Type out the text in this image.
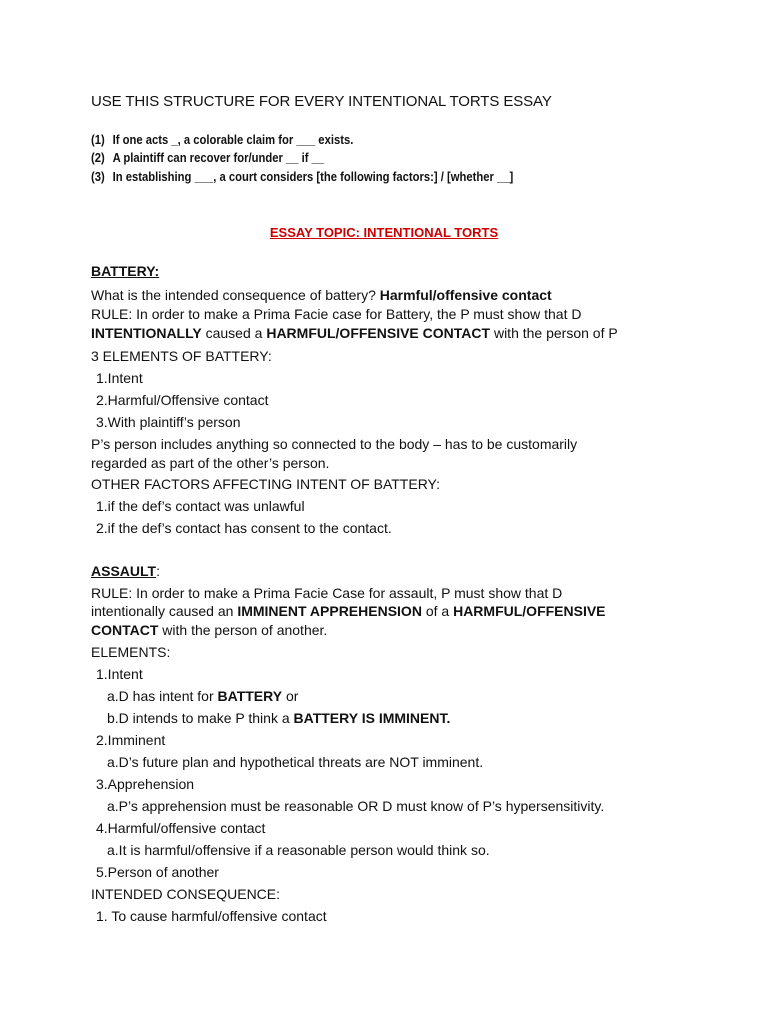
USE THIS STRUCTURE FOR EVERY INTENTIONAL TORTS ESSAY
(1) If one acts _, a colorable claim for ___ exists.
(2) A plaintiff can recover for/under __ if __
(3) In establishing ___, a court considers [the following factors:] / [whether __]
ESSAY TOPIC: INTENTIONAL TORTS
BATTERY:
What is the intended consequence of battery? Harmful/offensive contact
RULE: In order to make a Prima Facie case for Battery, the P must show that D
INTENTIONALLY caused a HARMFUL/OFFENSIVE CONTACT with the person of P
3 ELEMENTS OF BATTERY:
1.Intent
2.Harmful/Offensive contact
3.With plaintiff’s person
P’s person includes anything so connected to the body – has to be customarily
regarded as part of the other’s person.
OTHER FACTORS AFFECTING INTENT OF BATTERY:
1.if the def’s contact was unlawful
2.if the def’s contact has consent to the contact.
ASSAULT:
RULE: In order to make a Prima Facie Case for assault, P must show that D
intentionally caused an IMMINENT APPREHENSION of a HARMFUL/OFFENSIVE
CONTACT with the person of another.
ELEMENTS:
1.Intent
a.D has intent for BATTERY or
b.D intends to make P think a BATTERY IS IMMINENT.
2.Imminent
a.D’s future plan and hypothetical threats are NOT imminent.
3.Apprehension
a.P’s apprehension must be reasonable OR D must know of P’s hypersensitivity.
4.Harmful/offensive contact
a.It is harmful/offensive if a reasonable person would think so.
5.Person of another
INTENDED CONSEQUENCE:
1. To cause harmful/offensive contact
